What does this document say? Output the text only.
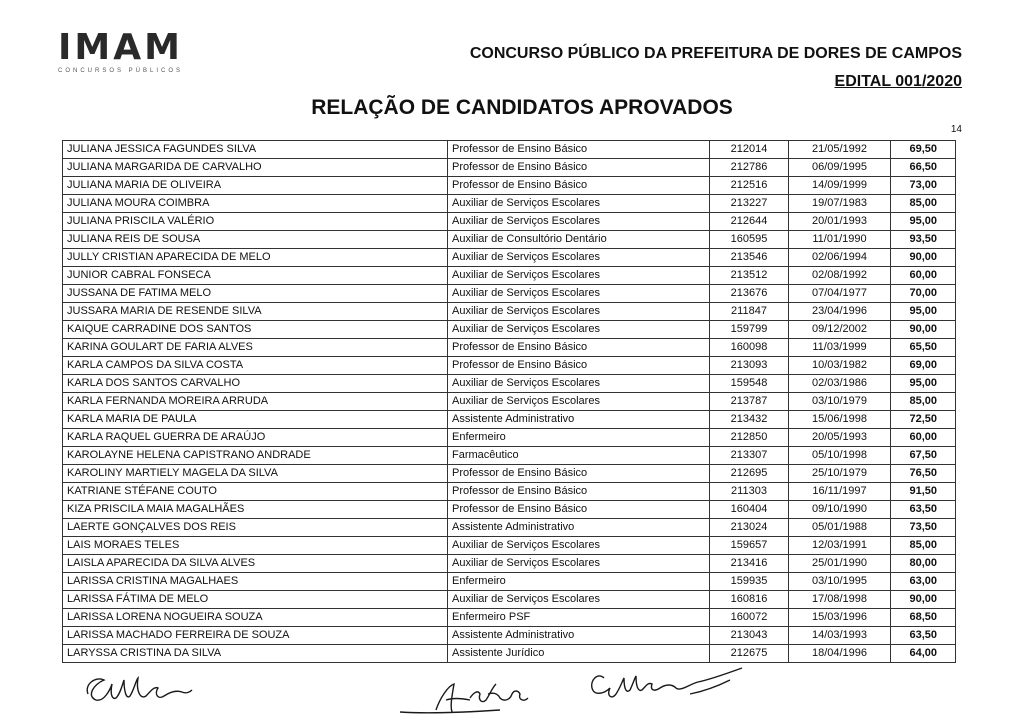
IMAM
CONCURSOS PÚBLICOS
CONCURSO PÚBLICO DA PREFEITURA DE DORES DE CAMPOS
EDITAL 001/2020
RELAÇÃO DE CANDIDATOS APROVADOS
14
JULIANA JESSICA FAGUNDES SILVA	Professor de Ensino Básico	212014	21/05/1992	69,50
JULIANA MARGARIDA DE CARVALHO	Professor de Ensino Básico	212786	06/09/1995	66,50
JULIANA MARIA DE OLIVEIRA	Professor de Ensino Básico	212516	14/09/1999	73,00
JULIANA MOURA COIMBRA	Auxiliar de Serviços Escolares	213227	19/07/1983	85,00
JULIANA PRISCILA VALÉRIO	Auxiliar de Serviços Escolares	212644	20/01/1993	95,00
JULIANA REIS DE SOUSA	Auxiliar de Consultório Dentário	160595	11/01/1990	93,50
JULLY CRISTIAN APARECIDA DE MELO	Auxiliar de Serviços Escolares	213546	02/06/1994	90,00
JUNIOR CABRAL FONSECA	Auxiliar de Serviços Escolares	213512	02/08/1992	60,00
JUSSANA DE FATIMA MELO	Auxiliar de Serviços Escolares	213676	07/04/1977	70,00
JUSSARA MARIA DE RESENDE SILVA	Auxiliar de Serviços Escolares	211847	23/04/1996	95,00
KAIQUE CARRADINE DOS SANTOS	Auxiliar de Serviços Escolares	159799	09/12/2002	90,00
KARINA GOULART DE FARIA ALVES	Professor de Ensino Básico	160098	11/03/1999	65,50
KARLA CAMPOS DA SILVA COSTA	Professor de Ensino Básico	213093	10/03/1982	69,00
KARLA DOS SANTOS CARVALHO	Auxiliar de Serviços Escolares	159548	02/03/1986	95,00
KARLA FERNANDA MOREIRA ARRUDA	Auxiliar de Serviços Escolares	213787	03/10/1979	85,00
KARLA MARIA DE PAULA	Assistente Administrativo	213432	15/06/1998	72,50
KARLA RAQUEL GUERRA DE ARAÚJO	Enfermeiro	212850	20/05/1993	60,00
KAROLAYNE HELENA CAPISTRANO ANDRADE	Farmacêutico	213307	05/10/1998	67,50
KAROLINY MARTIELY MAGELA DA SILVA	Professor de Ensino Básico	212695	25/10/1979	76,50
KATRIANE STÉFANE COUTO	Professor de Ensino Básico	211303	16/11/1997	91,50
KIZA PRISCILA MAIA MAGALHÃES	Professor de Ensino Básico	160404	09/10/1990	63,50
LAERTE GONÇALVES DOS REIS	Assistente Administrativo	213024	05/01/1988	73,50
LAIS MORAES TELES	Auxiliar de Serviços Escolares	159657	12/03/1991	85,00
LAISLA APARECIDA DA SILVA ALVES	Auxiliar de Serviços Escolares	213416	25/01/1990	80,00
LARISSA CRISTINA MAGALHAES	Enfermeiro	159935	03/10/1995	63,00
LARISSA FÁTIMA DE MELO	Auxiliar de Serviços Escolares	160816	17/08/1998	90,00
LARISSA LORENA NOGUEIRA SOUZA	Enfermeiro PSF	160072	15/03/1996	68,50
LARISSA MACHADO FERREIRA DE SOUZA	Assistente Administrativo	213043	14/03/1993	63,50
LARYSSA CRISTINA DA SILVA	Assistente Jurídico	212675	18/04/1996	64,00
